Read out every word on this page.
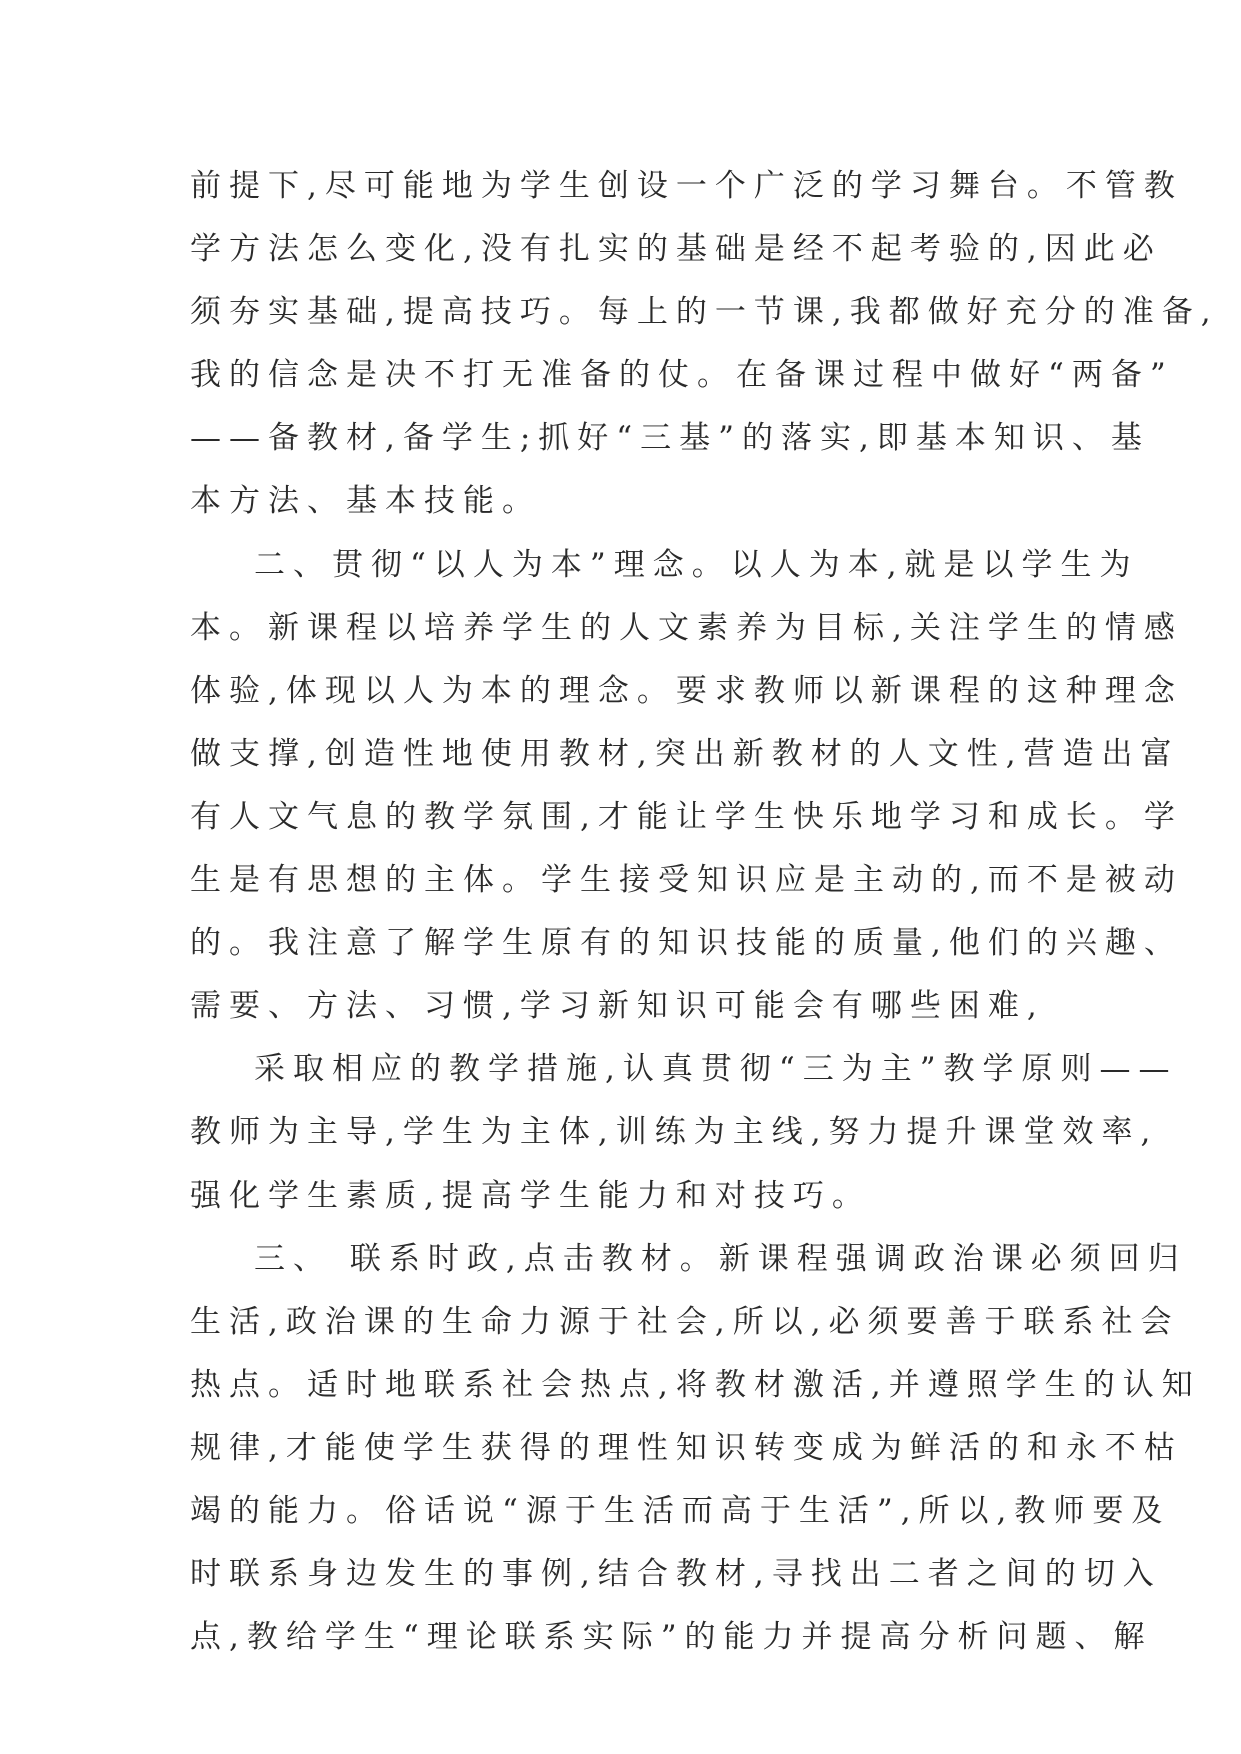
前提下,尽可能地为学生创设一个广泛的学习舞台。不管教
学方法怎么变化,没有扎实的基础是经不起考验的,因此必
须夯实基础,提高技巧。每上的一节课,我都做好充分的准备,
我的信念是决不打无准备的仗。在备课过程中做好“两备”
——备教材,备学生;抓好“三基”的落实,即基本知识、基
本方法、基本技能。
二、贯彻“以人为本”理念。以人为本,就是以学生为
本。新课程以培养学生的人文素养为目标,关注学生的情感
体验,体现以人为本的理念。要求教师以新课程的这种理念
做支撑,创造性地使用教材,突出新教材的人文性,营造出富
有人文气息的教学氛围,才能让学生快乐地学习和成长。学
生是有思想的主体。学生接受知识应是主动的,而不是被动
的。我注意了解学生原有的知识技能的质量,他们的兴趣、
需要、方法、习惯,学习新知识可能会有哪些困难,
采取相应的教学措施,认真贯彻“三为主”教学原则——
教师为主导,学生为主体,训练为主线,努力提升课堂效率,
强化学生素质,提高学生能力和对技巧。
三、 联系时政,点击教材。新课程强调政治课必须回归
生活,政治课的生命力源于社会,所以,必须要善于联系社会
热点。适时地联系社会热点,将教材激活,并遵照学生的认知
规律,才能使学生获得的理性知识转变成为鲜活的和永不枯
竭的能力。俗话说“源于生活而高于生活”,所以,教师要及
时联系身边发生的事例,结合教材,寻找出二者之间的切入
点,教给学生“理论联系实际”的能力并提高分析问题、解
